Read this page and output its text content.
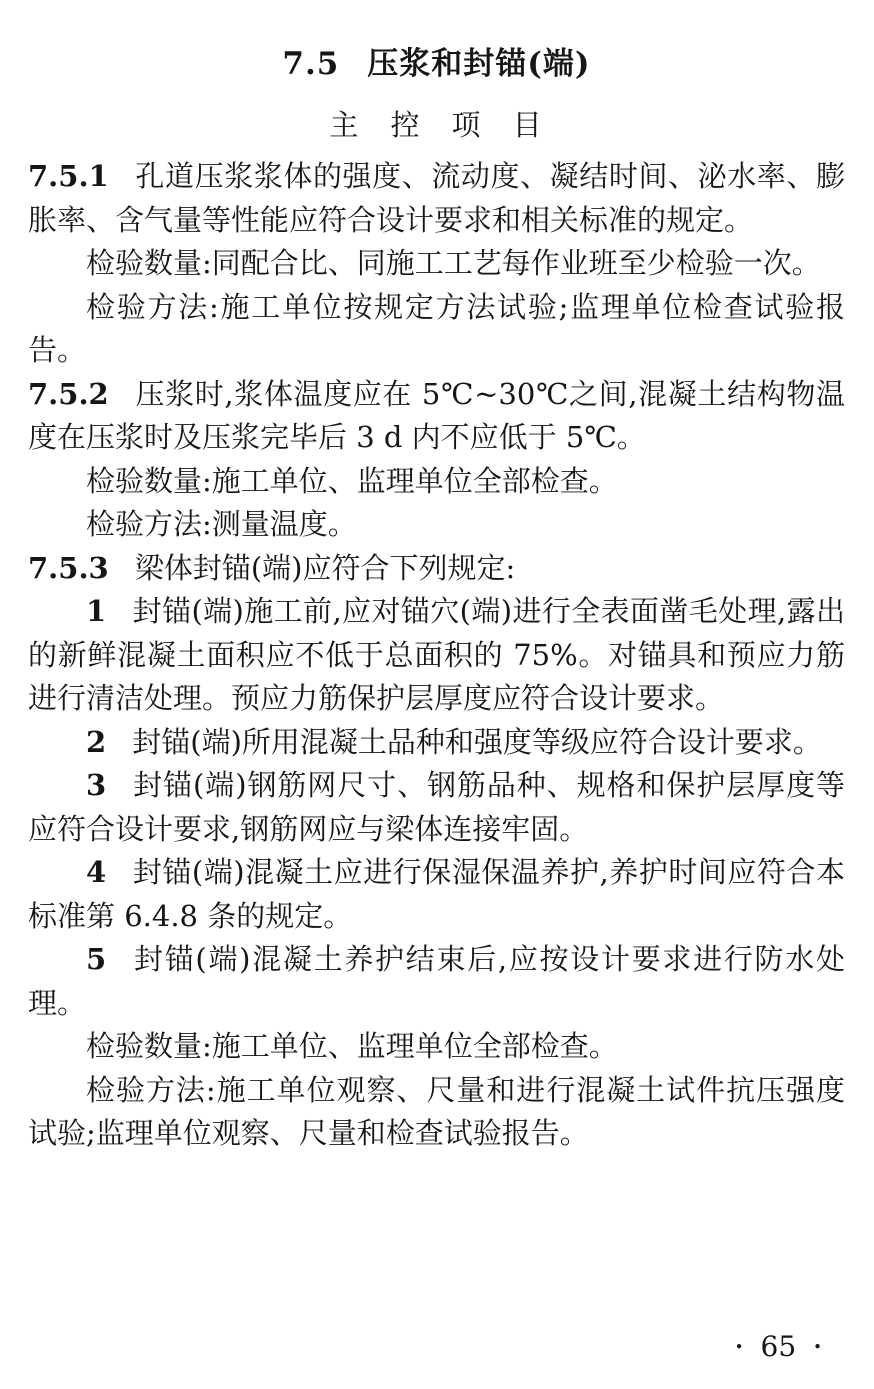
7.5 压浆和封锚(端)
主 控 项 目

7.5.1 孔道压浆浆体的强度、流动度、凝结时间、泌水率、膨胀率、含气量等性能应符合设计要求和相关标准的规定。

检验数量:同配合比、同施工工艺每作业班至少检验一次。

检验方法:施工单位按规定方法试验;监理单位检查试验报告。

7.5.2 压浆时,浆体温度应在 5℃~30℃之间,混凝土结构物温度在压浆时及压浆完毕后 3 d 内不应低于 5℃。

检验数量:施工单位、监理单位全部检查。

检验方法:测量温度。

7.5.3 梁体封锚(端)应符合下列规定:

1 封锚(端)施工前,应对锚穴(端)进行全表面凿毛处理,露出的新鲜混凝土面积应不低于总面积的 75%。对锚具和预应力筋进行清洁处理。预应力筋保护层厚度应符合设计要求。

2 封锚(端)所用混凝土品种和强度等级应符合设计要求。

3 封锚(端)钢筋网尺寸、钢筋品种、规格和保护层厚度等应符合设计要求,钢筋网应与梁体连接牢固。

4 封锚(端)混凝土应进行保湿保温养护,养护时间应符合本标准第 6.4.8 条的规定。

5 封锚(端)混凝土养护结束后,应按设计要求进行防水处理。

检验数量:施工单位、监理单位全部检查。

检验方法:施工单位观察、尺量和进行混凝土试件抗压强度试验;监理单位观察、尺量和检查试验报告。

• 65 •
